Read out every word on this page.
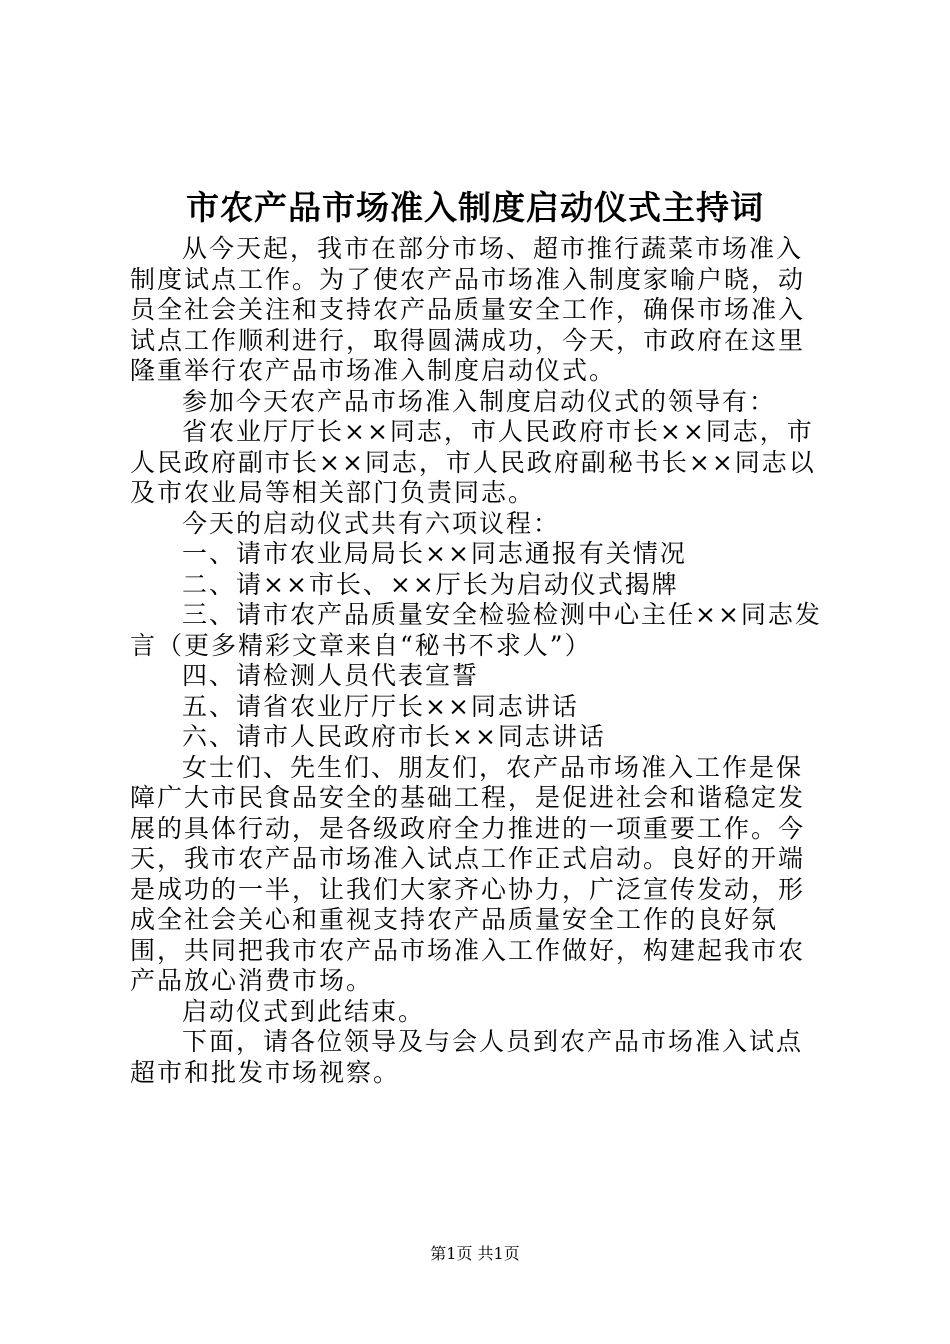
市农产品市场准入制度启动仪式主持词

从今天起，我市在部分市场、超市推行蔬菜市场准入制度试点工作。为了使农产品市场准入制度家喻户晓，动员全社会关注和支持农产品质量安全工作，确保市场准入试点工作顺利进行，取得圆满成功，今天，市政府在这里隆重举行农产品市场准入制度启动仪式。

参加今天农产品市场准入制度启动仪式的领导有：

省农业厅厅长××同志，市人民政府市长××同志，市人民政府副市长××同志，市人民政府副秘书长××同志以及市农业局等相关部门负责同志。

今天的启动仪式共有六项议程：

一、请市农业局局长××同志通报有关情况

二、请××市长、××厅长为启动仪式揭牌

三、请市农产品质量安全检验检测中心主任××同志发言（更多精彩文章来自“秘书不求人”）

四、请检测人员代表宣誓

五、请省农业厅厅长××同志讲话

六、请市人民政府市长××同志讲话

女士们、先生们、朋友们，农产品市场准入工作是保障广大市民食品安全的基础工程，是促进社会和谐稳定发展的具体行动，是各级政府全力推进的一项重要工作。今天，我市农产品市场准入试点工作正式启动。良好的开端是成功的一半，让我们大家齐心协力，广泛宣传发动，形成全社会关心和重视支持农产品质量安全工作的良好氛围，共同把我市农产品市场准入工作做好，构建起我市农产品放心消费市场。

启动仪式到此结束。

下面，请各位领导及与会人员到农产品市场准入试点超市和批发市场视察。

第1页 共1页
